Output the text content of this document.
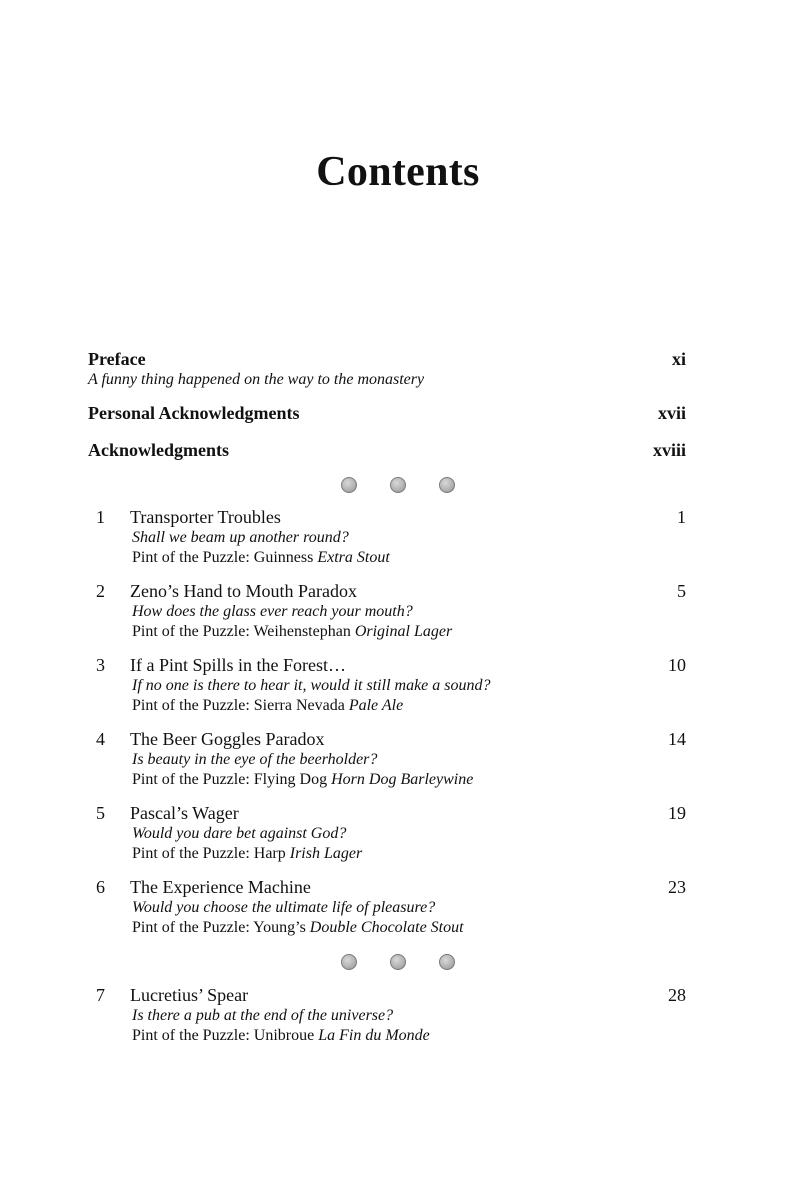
Contents
Preface	xi
A funny thing happened on the way to the monastery
Personal Acknowledgments	xvii
Acknowledgments	xviii
1	Transporter Troubles	1
Shall we beam up another round?
Pint of the Puzzle: Guinness Extra Stout
2	Zeno’s Hand to Mouth Paradox	5
How does the glass ever reach your mouth?
Pint of the Puzzle: Weihenstephan Original Lager
3	If a Pint Spills in the Forest…	10
If no one is there to hear it, would it still make a sound?
Pint of the Puzzle: Sierra Nevada Pale Ale
4	The Beer Goggles Paradox	14
Is beauty in the eye of the beerholder?
Pint of the Puzzle: Flying Dog Horn Dog Barleywine
5	Pascal’s Wager	19
Would you dare bet against God?
Pint of the Puzzle: Harp Irish Lager
6	The Experience Machine	23
Would you choose the ultimate life of pleasure?
Pint of the Puzzle: Young’s Double Chocolate Stout
7	Lucretius’ Spear	28
Is there a pub at the end of the universe?
Pint of the Puzzle: Unibroue La Fin du Monde
